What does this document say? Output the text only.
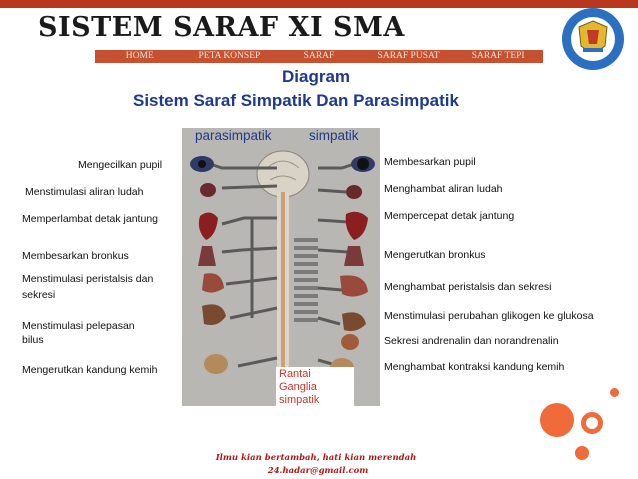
SISTEM SARAF XI SMA
HOME	PETA KONSEP	SARAF	SARAF PUSAT	SARAF TEPI
Diagram
Sistem Saraf Simpatik Dan Parasimpatik
parasimpatik	simpatik
Rantai
Ganglia
simpatik
Mengecilkan pupil
Menstimulasi aliran ludah
Memperlambat detak jantung
Membesarkan bronkus
Menstimulasi peristalsis dan
sekresi
Menstimulasi pelepasan
bilus
Mengerutkan kandung kemih
Membesarkan pupil
Menghambat aliran ludah
Mempercepat detak jantung
Mengerutkan bronkus
Menghambat peristalsis dan sekresi
Menstimulasi perubahan glikogen ke glukosa
Sekresi andrenalin dan norandrenalin
Menghambat kontraksi kandung kemih
Ilmu kian bertambah, hati kian merendah
24.hadar@gmail.com
